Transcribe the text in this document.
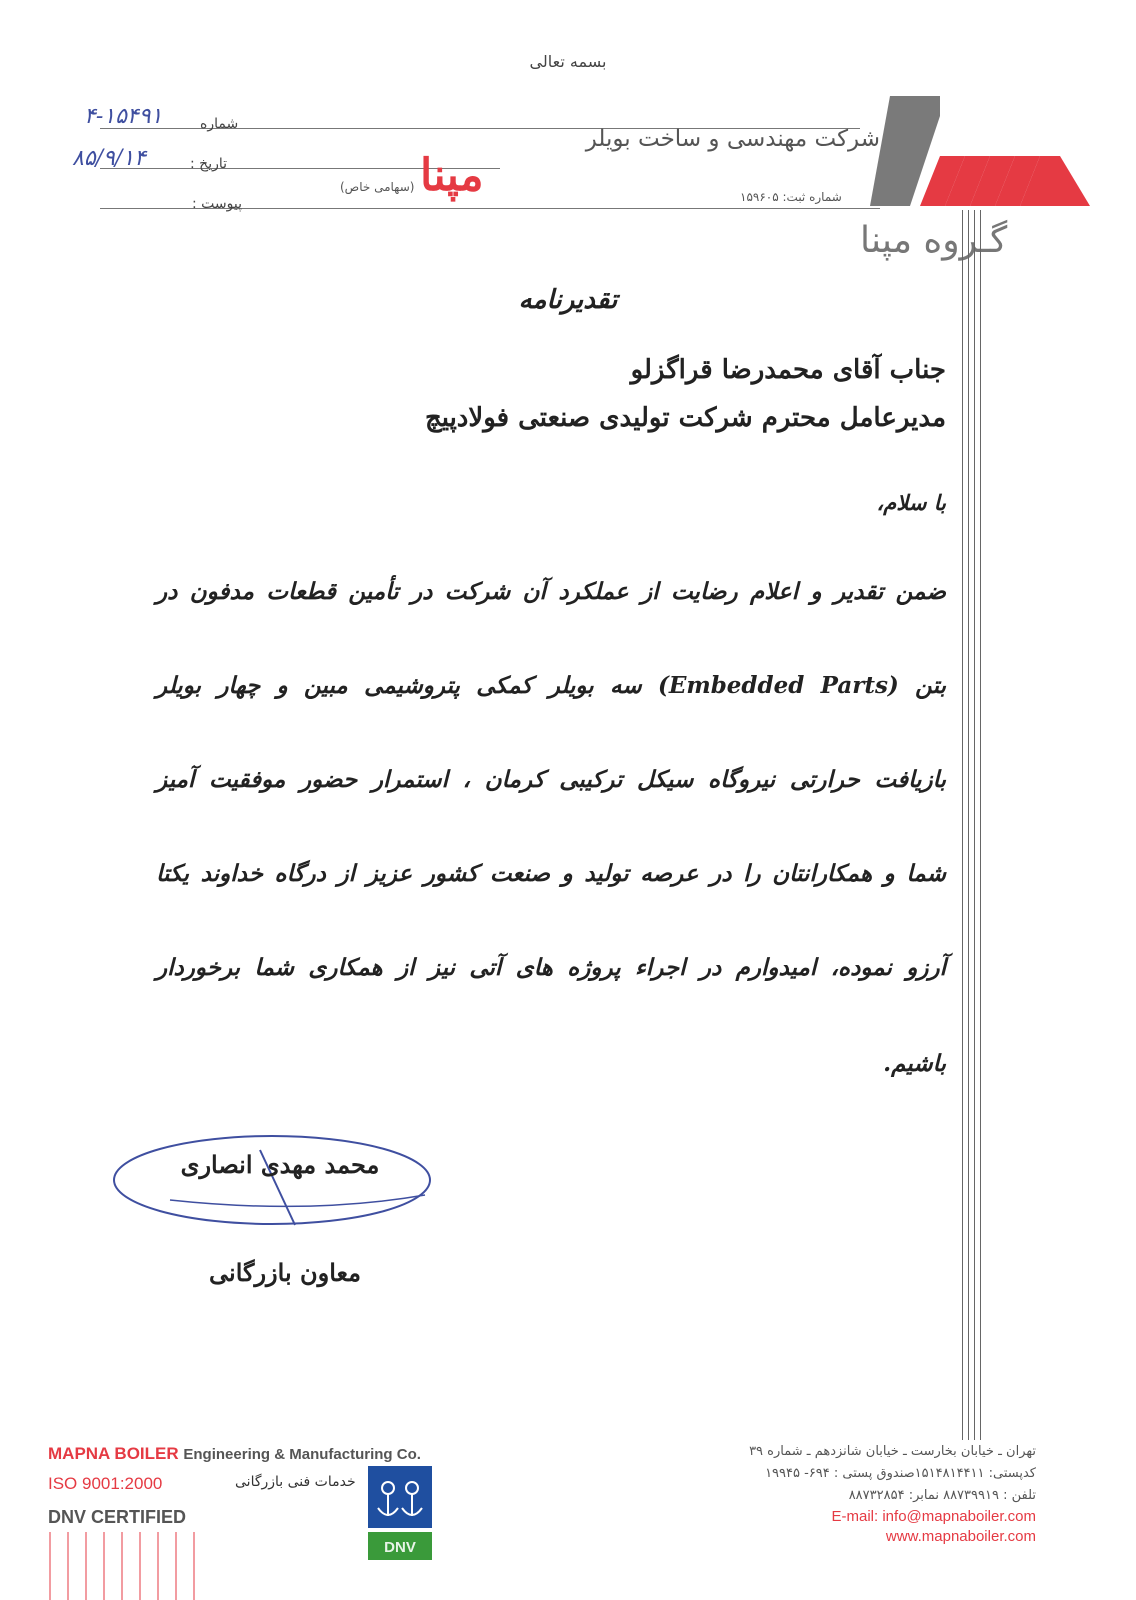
بسمه تعالی
شماره
۴-۱۵۴۹۱
تاریخ :
۸۵/۹/۱۴
پیوست :
شرکت مهندسی و ساخت بویلر
مپنا
(سهامی خاص)
شماره ثبت: ۱۵۹۶۰۵
گـروه مپنا
تقدیرنامه
جناب آقای محمدرضا قراگزلو
مدیرعامل محترم شرکت تولیدی صنعتی فولادپیچ
با سلام،
ضمن تقدیر و اعلام رضایت از عملکرد آن شرکت در تأمین قطعات مدفون در
بتن (Embedded Parts) سه بویلر کمکی پتروشیمی مبین و چهار بویلر
بازیافت حرارتی نیروگاه سیکل ترکیبی کرمان ، استمرار حضور موفقیت آمیز
شما و همکارانتان را در عرصه تولید و صنعت کشور عزیز از درگاه خداوند یکتا
آرزو نموده، امیدوارم در اجراء پروژه های آتی نیز از همکاری شما برخوردار
باشیم.
محمد مهدی انصاری
معاون بازرگانی
MAPNA BOILER Engineering & Manufacturing Co.
ISO 9001:2000
DNV CERTIFIED
خدمات فنی بازرگانی
DNV
تهران ـ خیابان بخارست ـ خیابان شانزدهم ـ شماره ۳۹
کدپستی: ۱۵۱۴۸۱۴۴۱۱صندوق پستی : ۶۹۴- ۱۹۹۴۵
تلفن : ۸۸۷۳۹۹۱۹ نمابر: ۸۸۷۳۲۸۵۴
E-mail: info@mapnaboiler.com
www.mapnaboiler.com
